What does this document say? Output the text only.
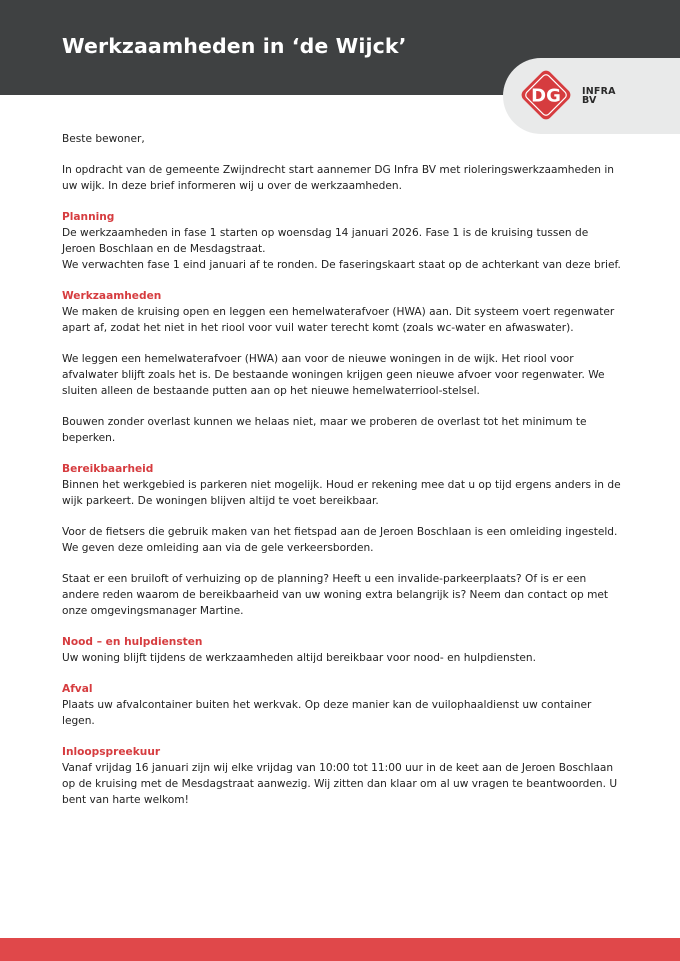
Werkzaamheden in ‘de Wijck’
DG INFRA
BV

Beste bewoner,

In opdracht van de gemeente Zwijndrecht start aannemer DG Infra BV met rioleringswerkzaamheden in uw wijk. In deze brief informeren wij u over de werkzaamheden.

Planning

De werkzaamheden in fase 1 starten op woensdag 14 januari 2026. Fase 1 is de kruising tussen de Jeroen Boschlaan en de Mesdagstraat.
We verwachten fase 1 eind januari af te ronden. De faseringskaart staat op de achterkant van deze brief.

Werkzaamheden

We maken de kruising open en leggen een hemelwaterafvoer (HWA) aan. Dit systeem voert regenwater apart af, zodat het niet in het riool voor vuil water terecht komt (zoals wc-water en afwaswater).

We leggen een hemelwaterafvoer (HWA) aan voor de nieuwe woningen in de wijk. Het riool voor afvalwater blijft zoals het is. De bestaande woningen krijgen geen nieuwe afvoer voor regenwater. We sluiten alleen de bestaande putten aan op het nieuwe hemelwaterriool-stelsel.

Bouwen zonder overlast kunnen we helaas niet, maar we proberen de overlast tot het minimum te beperken.

Bereikbaarheid

Binnen het werkgebied is parkeren niet mogelijk. Houd er rekening mee dat u op tijd ergens anders in de wijk parkeert. De woningen blijven altijd te voet bereikbaar.

Voor de fietsers die gebruik maken van het fietspad aan de Jeroen Boschlaan is een omleiding ingesteld. We geven deze omleiding aan via de gele verkeersborden.

Staat er een bruiloft of verhuizing op de planning? Heeft u een invalide-parkeerplaats? Of is er een andere reden waarom de bereikbaarheid van uw woning extra belangrijk is? Neem dan contact op met onze omgevingsmanager Martine.

Nood – en hulpdiensten

Uw woning blijft tijdens de werkzaamheden altijd bereikbaar voor nood- en hulpdiensten.

Afval

Plaats uw afvalcontainer buiten het werkvak. Op deze manier kan de vuilophaaldienst uw container legen.

Inloopspreekuur

Vanaf vrijdag 16 januari zijn wij elke vrijdag van 10:00 tot 11:00 uur in de keet aan de Jeroen Boschlaan op de kruising met de Mesdagstraat aanwezig. Wij zitten dan klaar om al uw vragen te beantwoorden. U bent van harte welkom!
